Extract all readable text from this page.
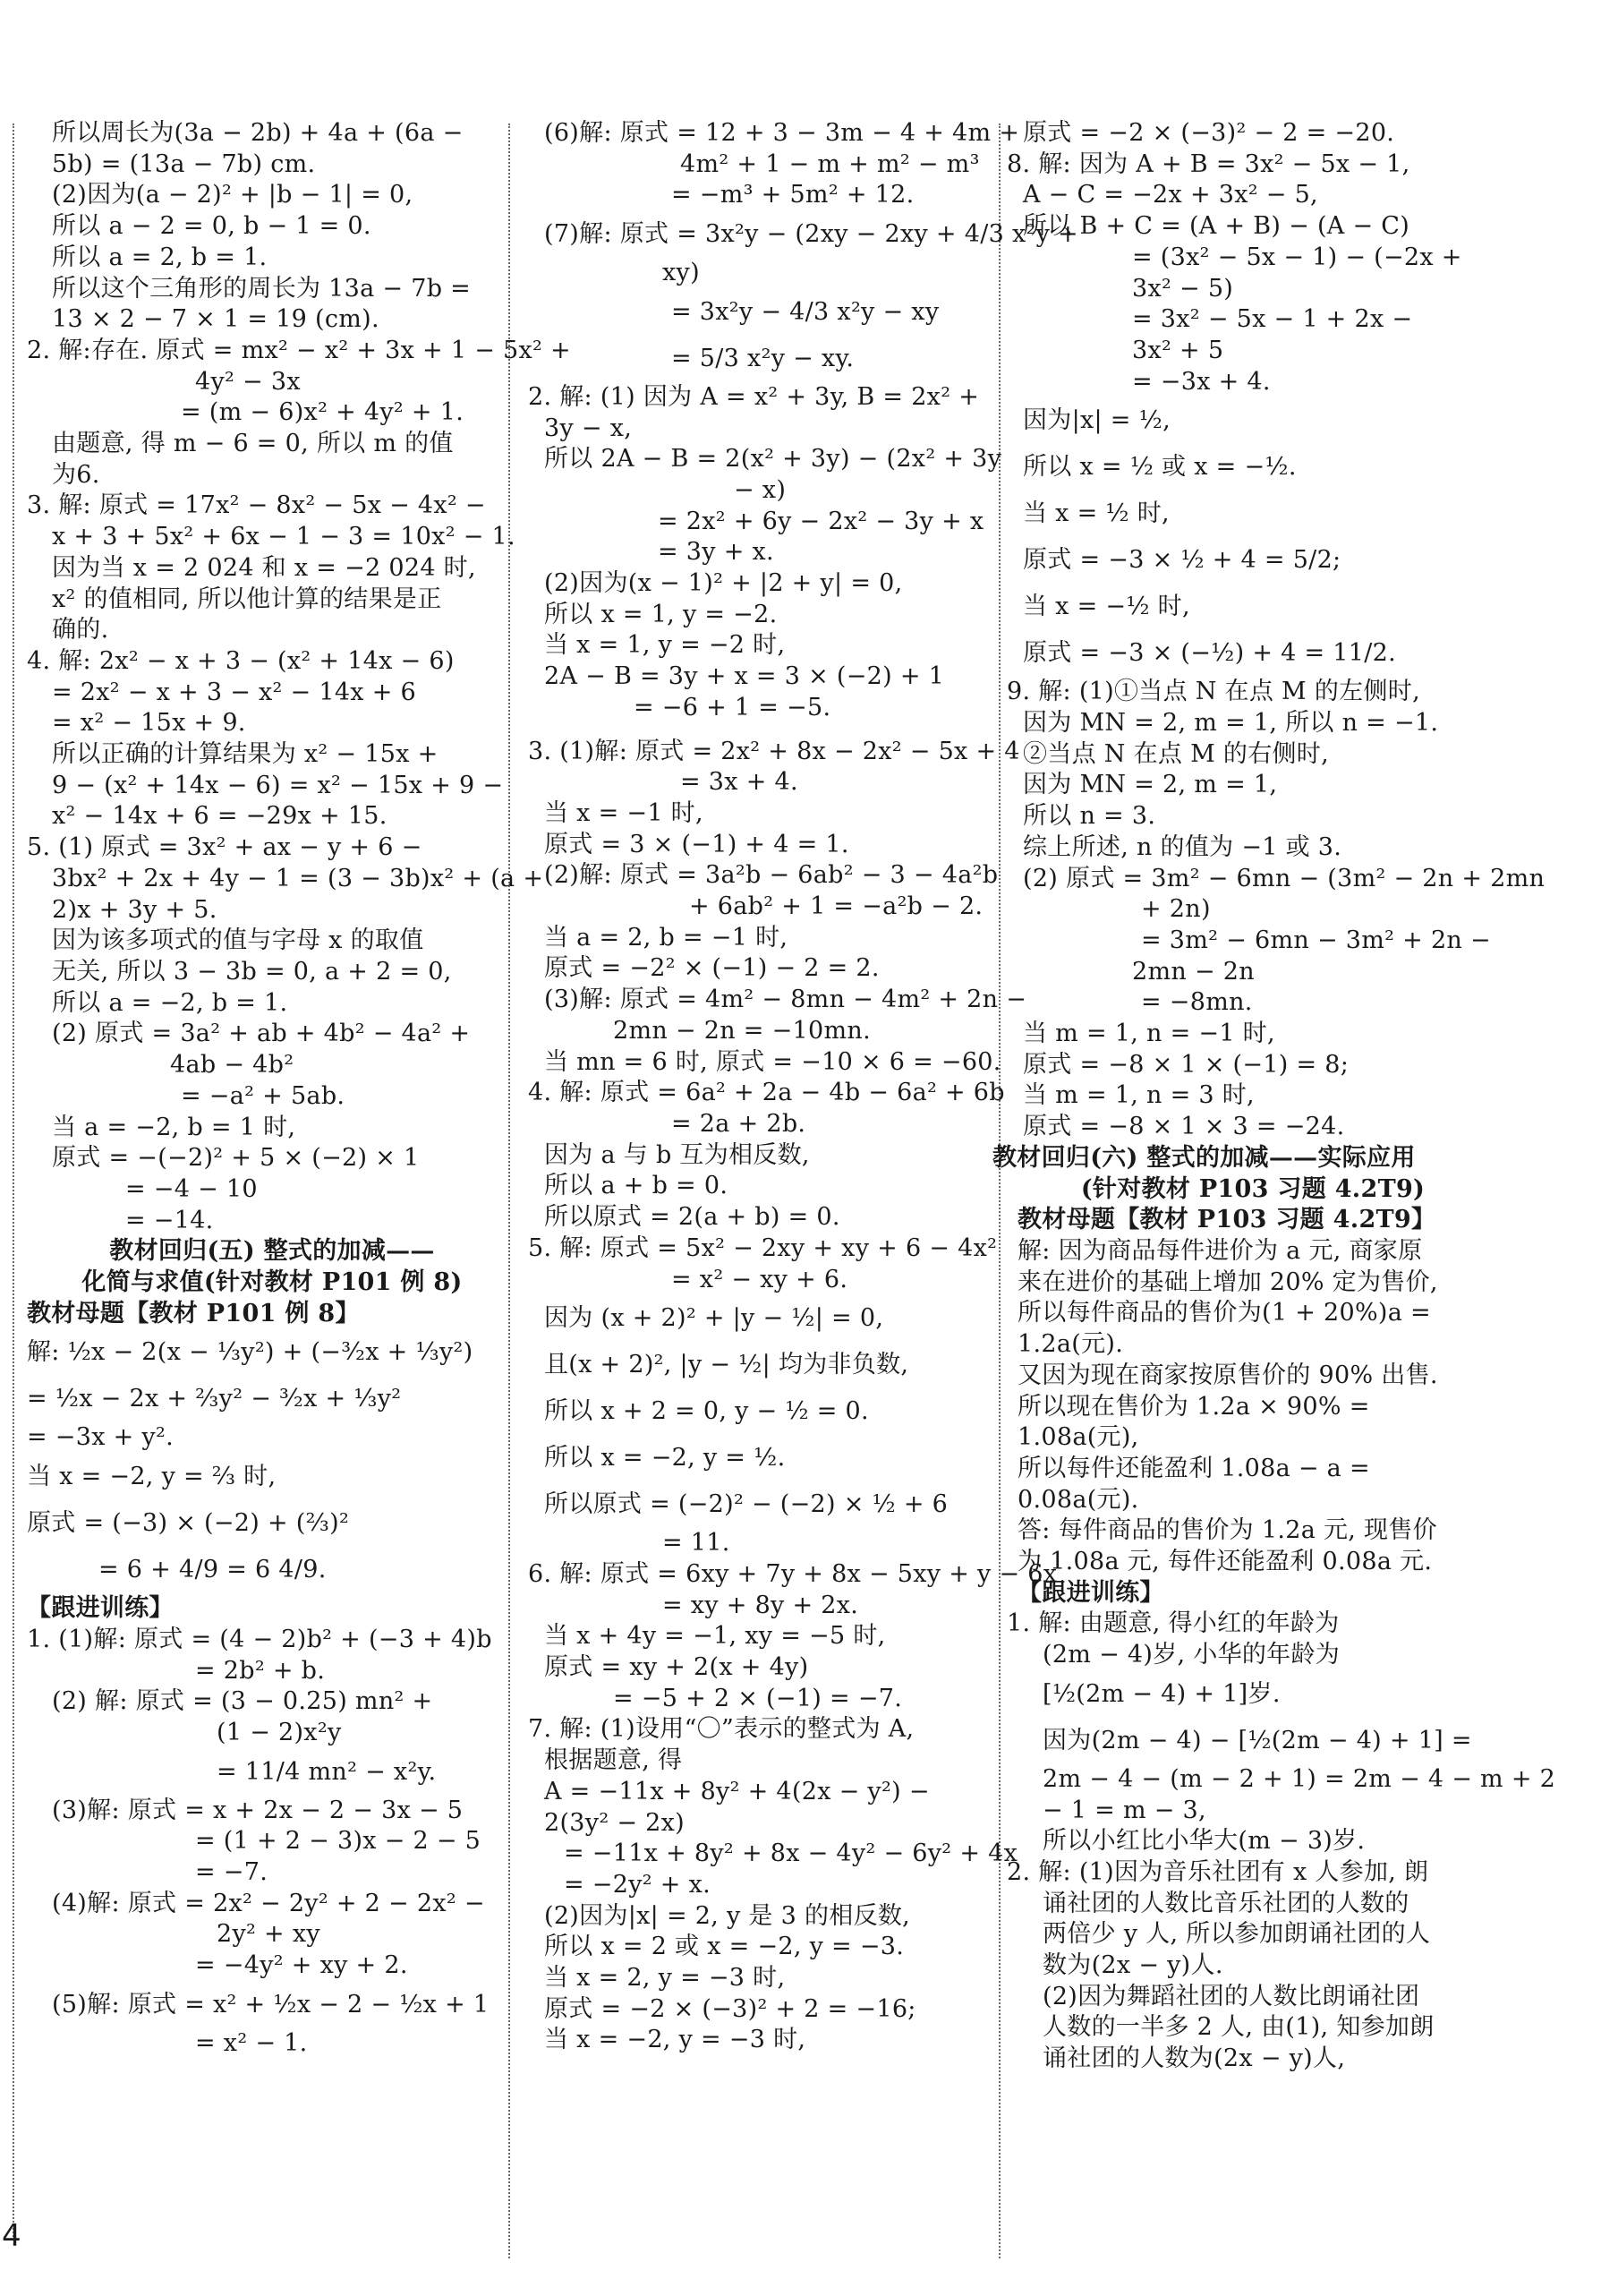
所以周长为(3a − 2b) + 4a + (6a −
5b) = (13a − 7b) cm.
(2)因为(a − 2)² + |b − 1| = 0,
所以 a − 2 = 0, b − 1 = 0.
所以 a = 2, b = 1.
所以这个三角形的周长为 13a − 7b =
13 × 2 − 7 × 1 = 19 (cm).
2. 解:存在. 原式 = mx² − x² + 3x + 1 − 5x² +
4y² − 3x
= (m − 6)x² + 4y² + 1.
由题意, 得 m − 6 = 0, 所以 m 的值
为6.
3. 解: 原式 = 17x² − 8x² − 5x − 4x² −
x + 3 + 5x² + 6x − 1 − 3 = 10x² − 1.
因为当 x = 2 024 和 x = −2 024 时,
x² 的值相同, 所以他计算的结果是正
确的.
4. 解: 2x² − x + 3 − (x² + 14x − 6)
= 2x² − x + 3 − x² − 14x + 6
= x² − 15x + 9.
所以正确的计算结果为 x² − 15x +
9 − (x² + 14x − 6) = x² − 15x + 9 −
x² − 14x + 6 = −29x + 15.
5. (1) 原式 = 3x² + ax − y + 6 −
3bx² + 2x + 4y − 1 = (3 − 3b)x² + (a +
2)x + 3y + 5.
因为该多项式的值与字母 x 的取值
无关, 所以 3 − 3b = 0, a + 2 = 0,
所以 a = −2, b = 1.
(2) 原式 = 3a² + ab + 4b² − 4a² +
4ab − 4b²
= −a² + 5ab.
当 a = −2, b = 1 时,
原式 = −(−2)² + 5 × (−2) × 1
= −4 − 10
= −14.
教材回归(五) 整式的加减——
化简与求值(针对教材 P101 例 8)
教材母题【教材 P101 例 8】
解: ½x − 2(x − ⅓y²) + (−³⁄₂x + ⅓y²)
= ½x − 2x + ⅔y² − ³⁄₂x + ⅓y²
= −3x + y².
当 x = −2, y = ⅔ 时,
原式 = (−3) × (−2) + (⅔)²
= 6 + 4/9 = 6 4/9.
【跟进训练】
1. (1)解: 原式 = (4 − 2)b² + (−3 + 4)b
= 2b² + b.
(2) 解: 原式 = (3 − 0.25) mn² +
(1 − 2)x²y
= 11/4 mn² − x²y.
(3)解: 原式 = x + 2x − 2 − 3x − 5
= (1 + 2 − 3)x − 2 − 5
= −7.
(4)解: 原式 = 2x² − 2y² + 2 − 2x² −
2y² + xy
= −4y² + xy + 2.
(5)解: 原式 = x² + ½x − 2 − ½x + 1
= x² − 1.
(6)解: 原式 = 12 + 3 − 3m − 4 + 4m +
4m² + 1 − m + m² − m³
= −m³ + 5m² + 12.
(7)解: 原式 = 3x²y − (2xy − 2xy + 4/3 x²y +
xy)
= 3x²y − 4/3 x²y − xy
= 5/3 x²y − xy.
2. 解: (1) 因为 A = x² + 3y, B = 2x² +
3y − x,
所以 2A − B = 2(x² + 3y) − (2x² + 3y
− x)
= 2x² + 6y − 2x² − 3y + x
= 3y + x.
(2)因为(x − 1)² + |2 + y| = 0,
所以 x = 1, y = −2.
当 x = 1, y = −2 时,
2A − B = 3y + x = 3 × (−2) + 1
= −6 + 1 = −5.
3. (1)解: 原式 = 2x² + 8x − 2x² − 5x + 4
= 3x + 4.
当 x = −1 时,
原式 = 3 × (−1) + 4 = 1.
(2)解: 原式 = 3a²b − 6ab² − 3 − 4a²b
+ 6ab² + 1 = −a²b − 2.
当 a = 2, b = −1 时,
原式 = −2² × (−1) − 2 = 2.
(3)解: 原式 = 4m² − 8mn − 4m² + 2n −
2mn − 2n = −10mn.
当 mn = 6 时, 原式 = −10 × 6 = −60.
4. 解: 原式 = 6a² + 2a − 4b − 6a² + 6b
= 2a + 2b.
因为 a 与 b 互为相反数,
所以 a + b = 0.
所以原式 = 2(a + b) = 0.
5. 解: 原式 = 5x² − 2xy + xy + 6 − 4x²
= x² − xy + 6.
因为 (x + 2)² + |y − ½| = 0,
且(x + 2)², |y − ½| 均为非负数,
所以 x + 2 = 0, y − ½ = 0.
所以 x = −2, y = ½.
所以原式 = (−2)² − (−2) × ½ + 6
= 11.
6. 解: 原式 = 6xy + 7y + 8x − 5xy + y − 6x
= xy + 8y + 2x.
当 x + 4y = −1, xy = −5 时,
原式 = xy + 2(x + 4y)
= −5 + 2 × (−1) = −7.
7. 解: (1)设用“〇”表示的整式为 A,
根据题意, 得
A = −11x + 8y² + 4(2x − y²) −
2(3y² − 2x)
= −11x + 8y² + 8x − 4y² − 6y² + 4x
= −2y² + x.
(2)因为|x| = 2, y 是 3 的相反数,
所以 x = 2 或 x = −2, y = −3.
当 x = 2, y = −3 时,
原式 = −2 × (−3)² + 2 = −16;
当 x = −2, y = −3 时,
原式 = −2 × (−3)² − 2 = −20.
8. 解: 因为 A + B = 3x² − 5x − 1,
A − C = −2x + 3x² − 5,
所以 B + C = (A + B) − (A − C)
= (3x² − 5x − 1) − (−2x +
3x² − 5)
= 3x² − 5x − 1 + 2x −
3x² + 5
= −3x + 4.
因为|x| = ½,
所以 x = ½ 或 x = −½.
当 x = ½ 时,
原式 = −3 × ½ + 4 = 5/2;
当 x = −½ 时,
原式 = −3 × (−½) + 4 = 11/2.
9. 解: (1)①当点 N 在点 M 的左侧时,
因为 MN = 2, m = 1, 所以 n = −1.
②当点 N 在点 M 的右侧时,
因为 MN = 2, m = 1,
所以 n = 3.
综上所述, n 的值为 −1 或 3.
(2) 原式 = 3m² − 6mn − (3m² − 2n + 2mn
+ 2n)
= 3m² − 6mn − 3m² + 2n −
2mn − 2n
= −8mn.
当 m = 1, n = −1 时,
原式 = −8 × 1 × (−1) = 8;
当 m = 1, n = 3 时,
原式 = −8 × 1 × 3 = −24.
教材回归(六) 整式的加减——实际应用
(针对教材 P103 习题 4.2T9)
教材母题【教材 P103 习题 4.2T9】
解: 因为商品每件进价为 a 元, 商家原
来在进价的基础上增加 20% 定为售价,
所以每件商品的售价为(1 + 20%)a =
1.2a(元).
又因为现在商家按原售价的 90% 出售.
所以现在售价为 1.2a × 90% =
1.08a(元),
所以每件还能盈利 1.08a − a =
0.08a(元).
答: 每件商品的售价为 1.2a 元, 现售价
为 1.08a 元, 每件还能盈利 0.08a 元.
【跟进训练】
1. 解: 由题意, 得小红的年龄为
(2m − 4)岁, 小华的年龄为
[½(2m − 4) + 1]岁.
因为(2m − 4) − [½(2m − 4) + 1] =
2m − 4 − (m − 2 + 1) = 2m − 4 − m + 2
− 1 = m − 3,
所以小红比小华大(m − 3)岁.
2. 解: (1)因为音乐社团有 x 人参加, 朗
诵社团的人数比音乐社团的人数的
两倍少 y 人, 所以参加朗诵社团的人
数为(2x − y)人.
(2)因为舞蹈社团的人数比朗诵社团
人数的一半多 2 人, 由(1), 知参加朗
诵社团的人数为(2x − y)人,
4
